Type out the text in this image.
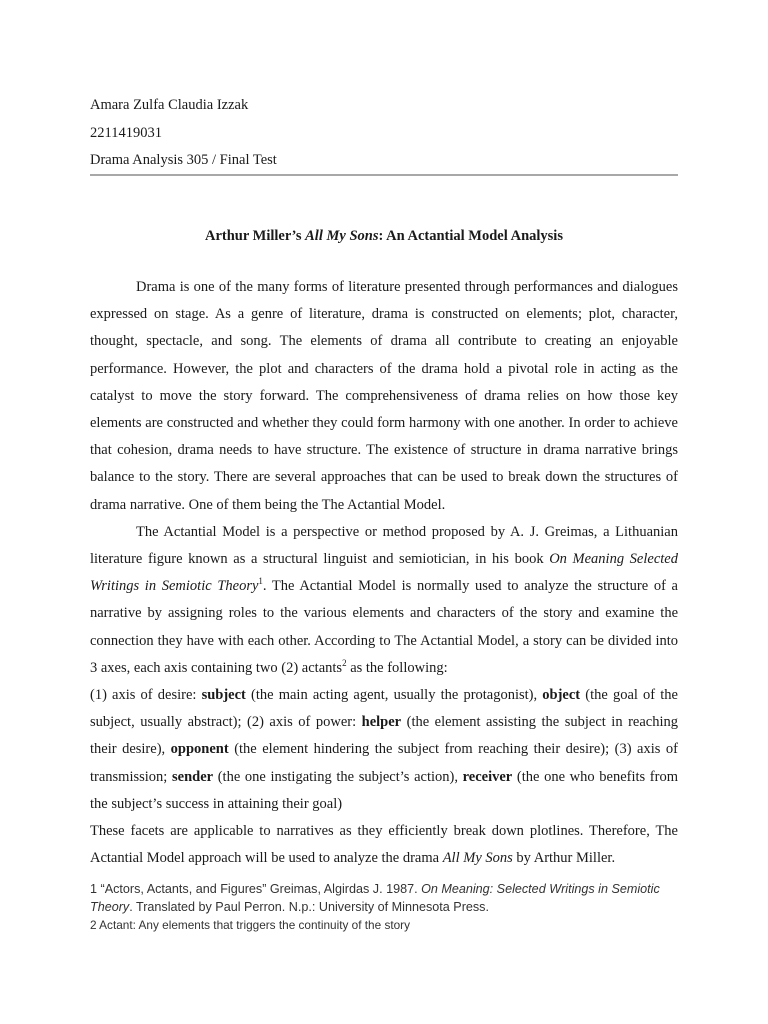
Amara Zulfa Claudia Izzak
2211419031
Drama Analysis 305 / Final Test
Arthur Miller’s All My Sons: An Actantial Model Analysis

Drama is one of the many forms of literature presented through performances and dialogues expressed on stage. As a genre of literature, drama is constructed on elements; plot, character, thought, spectacle, and song. The elements of drama all contribute to creating an enjoyable performance. However, the plot and characters of the drama hold a pivotal role in acting as the catalyst to move the story forward. The comprehensiveness of drama relies on how those key elements are constructed and whether they could form harmony with one another. In order to achieve that cohesion, drama needs to have structure. The existence of structure in drama narrative brings balance to the story. There are several approaches that can be used to break down the structures of drama narrative. One of them being the The Actantial Model.

The Actantial Model is a perspective or method proposed by A. J. Greimas, a Lithuanian literature figure known as a structural linguist and semiotician, in his book On Meaning Selected Writings in Semiotic Theory$^1$. The Actantial Model is normally used to analyze the structure of a narrative by assigning roles to the various elements and characters of the story and examine the connection they have with each other. According to The Actantial Model, a story can be divided into 3 axes, each axis containing two (2) actants$^2$ as the following:

(1) axis of desire: subject (the main acting agent, usually the protagonist), object (the goal of the subject, usually abstract); (2) axis of power: helper (the element assisting the subject in reaching their desire), opponent (the element hindering the subject from reaching their desire); (3) axis of transmission; sender (the one instigating the subject’s action), receiver (the one who benefits from the subject’s success in attaining their goal)

These facets are applicable to narratives as they efficiently break down plotlines. Therefore, The Actantial Model approach will be used to analyze the drama All My Sons by Arthur Miller.

1 “Actors, Actants, and Figures” Greimas, Algirdas J. 1987. On Meaning: Selected Writings in Semiotic Theory. Translated by Paul Perron. N.p.: University of Minnesota Press.
2 Actant: Any elements that triggers the continuity of the story
